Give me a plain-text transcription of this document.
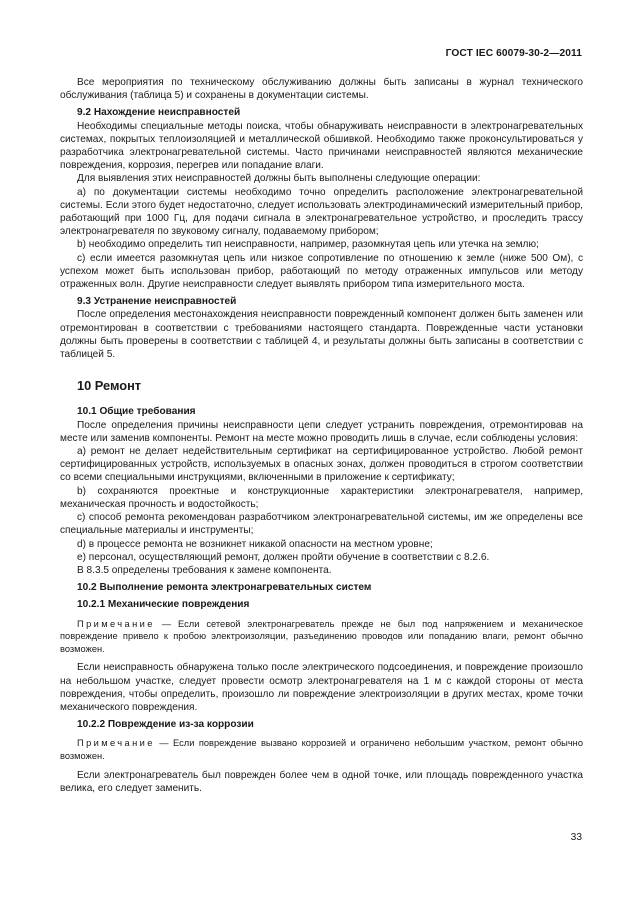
ГОСТ IEC 60079-30-2—2011

Все мероприятия по техническому обслуживанию должны быть записаны в журнал технического обслуживания (таблица 5) и сохранены в документации системы.

9.2 Нахождение неисправностей

Необходимы специальные методы поиска, чтобы обнаруживать неисправности в электронагревательных системах, покрытых теплоизоляцией и металлической обшивкой. Необходимо также проконсультироваться у разработчика электронагревательной системы. Часто причинами неисправностей являются механические повреждения, коррозия, перегрев или попадание влаги.

Для выявления этих неисправностей должны быть выполнены следующие операции:

a) по документации системы необходимо точно определить расположение электронагревательной системы. Если этого будет недостаточно, следует использовать электродинамический измерительный прибор, работающий при 1000 Гц, для подачи сигнала в электронагревательное устройство, и проследить трассу электронагревателя по звуковому сигналу, подаваемому прибором;

b) необходимо определить тип неисправности, например, разомкнутая цепь или утечка на землю;

c) если имеется разомкнутая цепь или низкое сопротивление по отношению к земле (ниже 500 Ом), с успехом может быть использован прибор, работающий по методу отраженных импульсов или методу отраженных волн. Другие неисправности следует выявлять прибором типа измерительного моста.

9.3 Устранение неисправностей

После определения местонахождения неисправности поврежденный компонент должен быть заменен или отремонтирован в соответствии с требованиями настоящего стандарта. Поврежденные части установки должны быть проверены в соответствии с таблицей 4, и результаты должны быть записаны в соответствии с таблицей 5.

10 Ремонт

10.1 Общие требования

После определения причины неисправности цепи следует устранить повреждения, отремонтировав на месте или заменив компоненты. Ремонт на месте можно проводить лишь в случае, если соблюдены условия:

a) ремонт не делает недействительным сертификат на сертифицированное устройство. Любой ремонт сертифицированных устройств, используемых в опасных зонах, должен проводиться в строгом соответствии со всеми специальными инструкциями, включенными в приложение к сертификату;

b) сохраняются проектные и конструкционные характеристики электронагревателя, например, механическая прочность и водостойкость;

c) способ ремонта рекомендован разработчиком электронагревательной системы, им же определены все специальные материалы и инструменты;

d) в процессе ремонта не возникнет никакой опасности на местном уровне;

e) персонал, осуществляющий ремонт, должен пройти обучение в соответствии с 8.2.6.

В 8.3.5 определены требования к замене компонента.

10.2 Выполнение ремонта электронагревательных систем

10.2.1 Механические повреждения

Примечание — Если сетевой электронагреватель прежде не был под напряжением и механическое повреждение привело к пробою электроизоляции, разъединению проводов или попаданию влаги, ремонт обычно возможен.

Если неисправность обнаружена только после электрического подсоединения, и повреждение произошло на небольшом участке, следует провести осмотр электронагревателя на 1 м с каждой стороны от места повреждения, чтобы определить, произошло ли повреждение электроизоляции в других местах, кроме точки механического повреждения.

10.2.2 Повреждение из-за коррозии

Примечание — Если повреждение вызвано коррозией и ограничено небольшим участком, ремонт обычно возможен.

Если электронагреватель был поврежден более чем в одной точке, или площадь поврежденного участка велика, его следует заменить.

33
